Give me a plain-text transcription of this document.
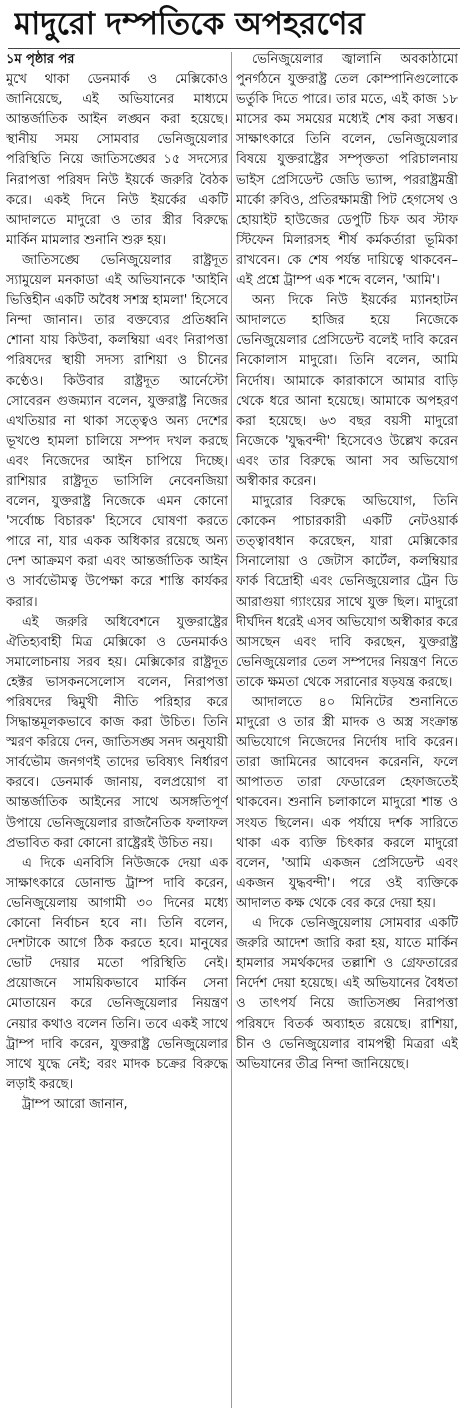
মাদুরো দম্পতিকে অপহরণের
১ম পৃষ্ঠার পর

মুখে থাকা ডেনমার্ক ও মেক্সিকোও জানিয়েছে, এই অভিযানের মাধ্যমে আন্তর্জাতিক আইন লঙ্ঘন করা হয়েছে। স্থানীয় সময় সোমবার ভেনিজুয়েলার পরিস্থিতি নিয়ে জাতিসঙ্ঘের ১৫ সদস্যের নিরাপত্তা পরিষদ নিউ ইয়র্কে জরুরি বৈঠক করে। একই দিনে নিউ ইয়র্কের একটি আদালতে মাদুরো ও তার স্ত্রীর বিরুদ্ধে মার্কিন মামলার শুনানি শুরু হয়।

জাতিসঙ্ঘে ভেনিজুয়েলার রাষ্ট্রদূত স্যামুয়েল মনকাডা এই অভিযানকে 'আইনি ভিত্তিহীন একটি অবৈধ সশস্ত্র হামলা' হিসেবে নিন্দা জানান। তার বক্তব্যের প্রতিধ্বনি শোনা যায় কিউবা, কলম্বিয়া এবং নিরাপত্তা পরিষদের স্থায়ী সদস্য রাশিয়া ও চীনের কণ্ঠেও। কিউবার রাষ্ট্রদূত আর্নেস্টো সোবেরন গুজম্যান বলেন, যুক্তরাষ্ট্র নিজের এখতিয়ার না থাকা সত্ত্বেও অন্য দেশের ভূখণ্ডে হামলা চালিয়ে সম্পদ দখল করছে এবং নিজেদের আইন চাপিয়ে দিচ্ছে। রাশিয়ার রাষ্ট্রদূত ভাসিলি নেবেনজিয়া বলেন, যুক্তরাষ্ট্র নিজেকে এমন কোনো 'সর্বোচ্চ বিচারক' হিসেবে ঘোষণা করতে পারে না, যার একক অধিকার রয়েছে অন্য দেশ আক্রমণ করা এবং আন্তর্জাতিক আইন ও সার্বভৌমত্ব উপেক্ষা করে শাস্তি কার্যকর করার।

এই জরুরি অধিবেশনে যুক্তরাষ্ট্রের ঐতিহ্যবাহী মিত্র মেক্সিকো ও ডেনমার্কও সমালোচনায় সরব হয়। মেক্সিকোর রাষ্ট্রদূত হেক্টর ভাসকনসেলোস বলেন, নিরাপত্তা পরিষদের দ্বিমুখী নীতি পরিহার করে সিদ্ধান্তমূলকভাবে কাজ করা উচিত। তিনি স্মরণ করিয়ে দেন, জাতিসঙ্ঘ সনদ অনুযায়ী সার্বভৌম জনগণই তাদের ভবিষ্যৎ নির্ধারণ করবে। ডেনমার্ক জানায়, বলপ্রয়োগ বা আন্তর্জাতিক আইনের সাথে অসঙ্গতিপূর্ণ উপায়ে ভেনিজুয়েলার রাজনৈতিক ফলাফল প্রভাবিত করা কোনো রাষ্ট্রেরই উচিত নয়।

এ দিকে এনবিসি নিউজকে দেয়া এক সাক্ষাৎকারে ডোনাল্ড ট্রাম্প দাবি করেন, ভেনিজুয়েলায় আগামী ৩০ দিনের মধ্যে কোনো নির্বাচন হবে না। তিনি বলেন, দেশটাকে আগে ঠিক করতে হবে। মানুষের ভোট দেয়ার মতো পরিস্থিতি নেই। প্রয়োজনে সাময়িকভাবে মার্কিন সেনা মোতায়েন করে ভেনিজুয়েলার নিয়ন্ত্রণ নেয়ার কথাও বলেন তিনি। তবে একই সাথে ট্রাম্প দাবি করেন, যুক্তরাষ্ট্র ভেনিজুয়েলার সাথে যুদ্ধে নেই; বরং মাদক চক্রের বিরুদ্ধে লড়াই করছে।

ট্রাম্প আরো জানান,

ভেনিজুয়েলার জ্বালানি অবকাঠামো পুনর্গঠনে যুক্তরাষ্ট্র তেল কোম্পানিগুলোকে ভর্তুকি দিতে পারে। তার মতে, এই কাজ ১৮ মাসের কম সময়ের মধ্যেই শেষ করা সম্ভব। সাক্ষাৎকারে তিনি বলেন, ভেনিজুয়েলার বিষয়ে যুক্তরাষ্ট্রের সম্পৃক্ততা পরিচালনায় ভাইস প্রেসিডেন্ট জেডি ভ্যান্স, পররাষ্ট্রমন্ত্রী মার্কো রুবিও, প্রতিরক্ষামন্ত্রী পিট হেগসেথ ও হোয়াইট হাউজের ডেপুটি চিফ অব স্টাফ স্টিফেন মিলারসহ শীর্ষ কর্মকর্তারা ভূমিকা রাখবেন। কে শেষ পর্যন্ত দায়িত্বে থাকবেন– এই প্রশ্নে ট্রাম্প এক শব্দে বলেন, 'আমি'।

অন্য দিকে নিউ ইয়র্কের ম্যানহাটন আদালতে হাজির হয়ে নিজেকে ভেনিজুয়েলার প্রেসিডেন্ট বলেই দাবি করেন নিকোলাস মাদুরো। তিনি বলেন, আমি নির্দোষ। আমাকে কারাকাসে আমার বাড়ি থেকে ধরে আনা হয়েছে। আমাকে অপহরণ করা হয়েছে। ৬৩ বছর বয়সী মাদুরো নিজেকে 'যুদ্ধবন্দী' হিসেবেও উল্লেখ করেন এবং তার বিরুদ্ধে আনা সব অভিযোগ অস্বীকার করেন।

মাদুরোর বিরুদ্ধে অভিযোগ, তিনি কোকেন পাচারকারী একটি নেটওয়ার্ক তত্ত্বাবধান করেছেন, যারা মেক্সিকোর সিনালোয়া ও জেটাস কার্টেল, কলম্বিয়ার ফার্ক বিদ্রোহী এবং ভেনিজুয়েলার ট্রেন ডি আরাগুয়া গ্যাংয়ের সাথে যুক্ত ছিল। মাদুরো দীর্ঘদিন ধরেই এসব অভিযোগ অস্বীকার করে আসছেন এবং দাবি করছেন, যুক্তরাষ্ট্র ভেনিজুয়েলার তেল সম্পদের নিয়ন্ত্রণ নিতে তাকে ক্ষমতা থেকে সরানোর ষড়যন্ত্র করছে।

আদালতে ৪০ মিনিটের শুনানিতে মাদুরো ও তার স্ত্রী মাদক ও অস্ত্র সংক্রান্ত অভিযোগে নিজেদের নির্দোষ দাবি করেন। তারা জামিনের আবেদন করেননি, ফলে আপাতত তারা ফেডারেল হেফাজতেই থাকবেন। শুনানি চলাকালে মাদুরো শান্ত ও সংযত ছিলেন। এক পর্যায়ে দর্শক সারিতে থাকা এক ব্যক্তি চিৎকার করলে মাদুরো বলেন, 'আমি একজন প্রেসিডেন্ট এবং একজন যুদ্ধবন্দী'। পরে ওই ব্যক্তিকে আদালত কক্ষ থেকে বের করে দেয়া হয়।

এ দিকে ভেনিজুয়েলায় সোমবার একটি জরুরি আদেশ জারি করা হয়, যাতে মার্কিন হামলার সমর্থকদের তল্লাশি ও গ্রেফতারের নির্দেশ দেয়া হয়েছে। এই অভিযানের বৈধতা ও তাৎপর্য নিয়ে জাতিসঙ্ঘ নিরাপত্তা পরিষদে বিতর্ক অব্যাহত রয়েছে। রাশিয়া, চীন ও ভেনিজুয়েলার বামপন্থী মিত্ররা এই অভিযানের তীব্র নিন্দা জানিয়েছে।
